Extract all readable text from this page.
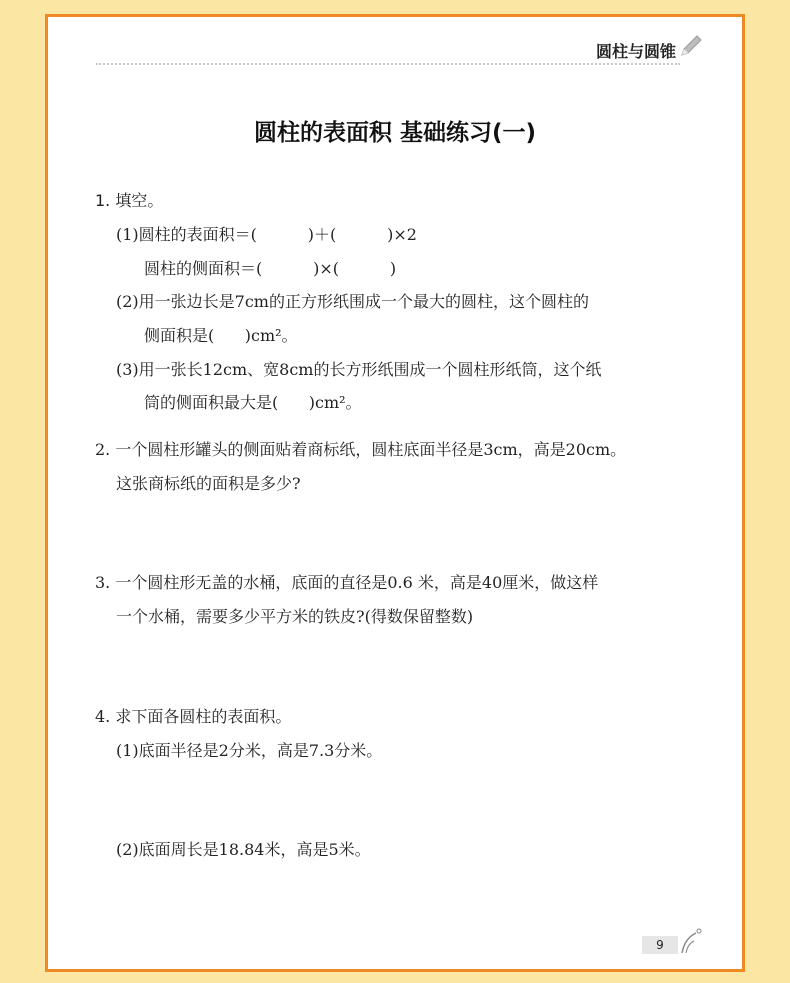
圆柱与圆锥
圆柱的表面积 基础练习(一)
1. 填空。
(1)圆柱的表面积＝(          )＋(          )×2
圆柱的侧面积＝(          )×(          )
(2)用一张边长是7cm的正方形纸围成一个最大的圆柱，这个圆柱的
侧面积是(      )cm²。
(3)用一张长12cm、宽8cm的长方形纸围成一个圆柱形纸筒，这个纸
筒的侧面积最大是(      )cm²。
2. 一个圆柱形罐头的侧面贴着商标纸，圆柱底面半径是3cm，高是20cm。
这张商标纸的面积是多少?
3. 一个圆柱形无盖的水桶，底面的直径是0.6 米，高是40厘米，做这样
一个水桶，需要多少平方米的铁皮?(得数保留整数)
4. 求下面各圆柱的表面积。
(1)底面半径是2分米，高是7.3分米。
(2)底面周长是18.84米，高是5米。
9
